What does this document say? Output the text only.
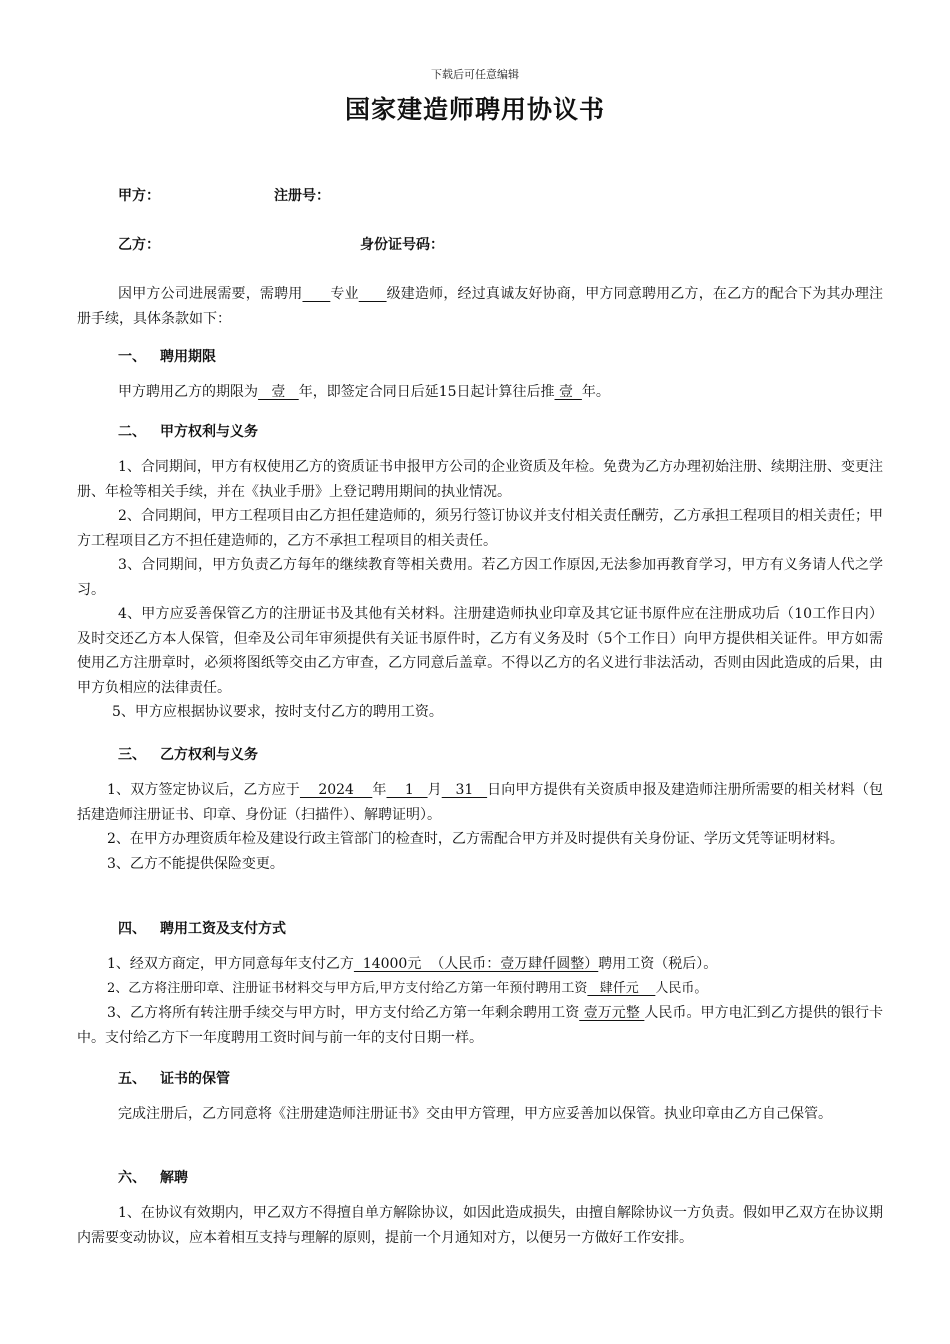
下载后可任意编辑
国家建造师聘用协议书
甲方：	注册号：
乙方：	身份证号码：

因甲方公司进展需要，需聘用 专业 级建造师，经过真诚友好协商，甲方同意聘用乙方，在乙方的配合下为其办理注册手续，具体条款如下：

一、 聘用期限

甲方聘用乙方的期限为   壹   年，即签定合同日后延15日起计算往后推 壹  年。

二、 甲方权利与义务

1、合同期间，甲方有权使用乙方的资质证书申报甲方公司的企业资质及年检。免费为乙方办理初始注册、续期注册、变更注册、年检等相关手续，并在《执业手册》上登记聘用期间的执业情况。

2、合同期间，甲方工程项目由乙方担任建造师的，须另行签订协议并支付相关责任酬劳，乙方承担工程项目的相关责任；甲方工程项目乙方不担任建造师的，乙方不承担工程项目的相关责任。

3、合同期间，甲方负责乙方每年的继续教育等相关费用。若乙方因工作原因,无法参加再教育学习，甲方有义务请人代之学习。

4、甲方应妥善保管乙方的注册证书及其他有关材料。注册建造师执业印章及其它证书原件应在注册成功后（10工作日内）及时交还乙方本人保管，但牵及公司年审须提供有关证书原件时，乙方有义务及时（5个工作日）向甲方提供相关证件。甲方如需使用乙方注册章时，必须将图纸等交由乙方审查，乙方同意后盖章。不得以乙方的名义进行非法活动，否则由因此造成的后果，由甲方负相应的法律责任。

5、甲方应根据协议要求，按时支付乙方的聘用工资。

三、 乙方权利与义务

1、双方签定协议后，乙方应于    2024    年    1   月   31   日向甲方提供有关资质申报及建造师注册所需要的相关材料（包括建造师注册证书、印章、身份证（扫描件）、解聘证明）。

2、在甲方办理资质年检及建设行政主管部门的检查时，乙方需配合甲方并及时提供有关身份证、学历文凭等证明材料。

3、乙方不能提供保险变更。

四、 聘用工资及支付方式

1、经双方商定，甲方同意每年支付乙方  14000元  （人民币：壹万肆仟圆整）聘用工资（税后）。

2、乙方将注册印章、注册证书材料交与甲方后,甲方支付给乙方第一年预付聘用工资   肆仟元    人民币。

3、乙方将所有转注册手续交与甲方时，甲方支付给乙方第一年剩余聘用工资 壹万元整 人民币。甲方电汇到乙方提供的银行卡中。支付给乙方下一年度聘用工资时间与前一年的支付日期一样。

五、 证书的保管

完成注册后，乙方同意将《注册建造师注册证书》交由甲方管理，甲方应妥善加以保管。执业印章由乙方自己保管。

六、 解聘

1、在协议有效期内，甲乙双方不得擅自单方解除协议，如因此造成损失，由擅自解除协议一方负责。假如甲乙双方在协议期内需要变动协议，应本着相互支持与理解的原则，提前一个月通知对方，以便另一方做好工作安排。
